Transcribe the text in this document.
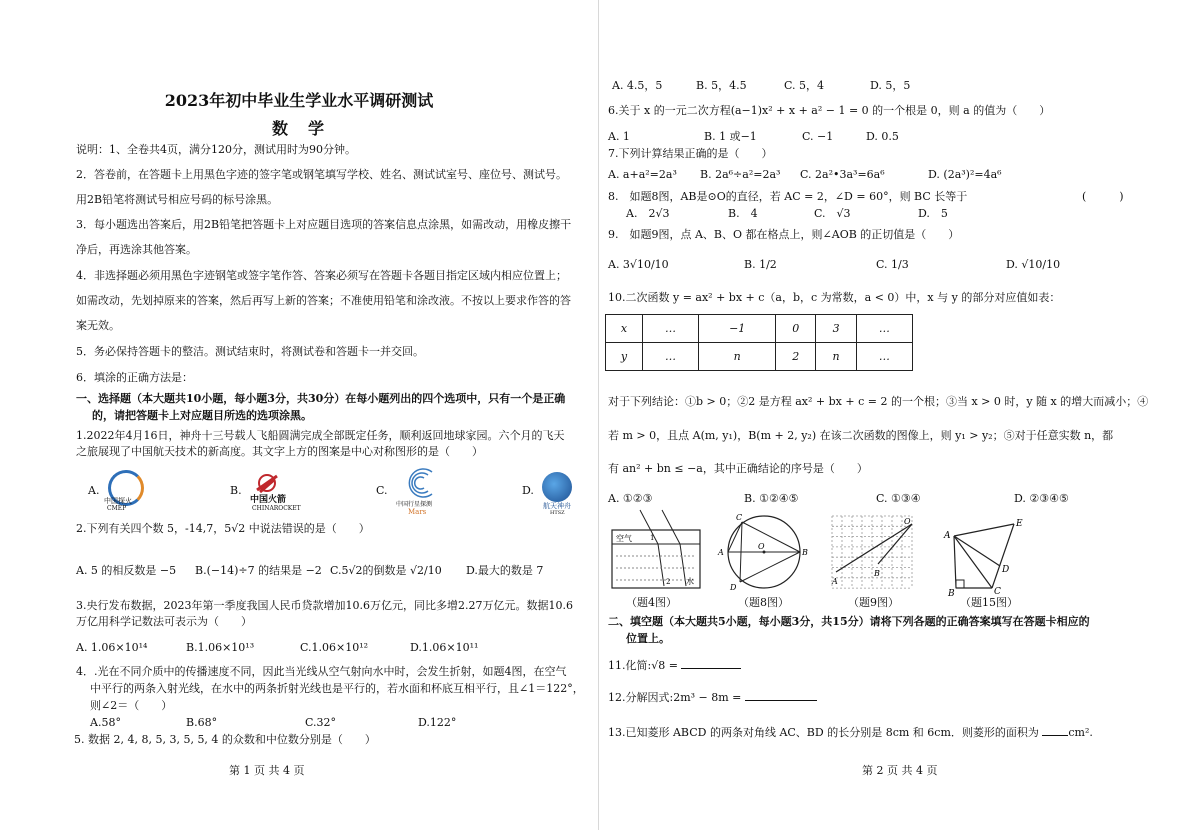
2023年初中毕业生学业水平调研测试
数　学
说明：1、全卷共4页，满分120分，测试用时为90分钟。
2．答卷前，在答题卡上用黑色字迹的签字笔或钢笔填写学校、姓名、测试试室号、座位号、测试号。
用2B铅笔将测试号相应号码的标号涂黑。
3．每小题选出答案后，用2B铅笔把答题卡上对应题目选项的答案信息点涂黑，如需改动，用橡皮擦干
净后，再选涂其他答案。
4．非选择题必须用黑色字迹钢笔或签字笔作答、答案必须写在答题卡各题目指定区域内相应位置上；
如需改动，先划掉原来的答案，然后再写上新的答案；不准使用铅笔和涂改液。不按以上要求作答的答
案无效。
5．务必保持答题卡的整洁。测试结束时，将测试卷和答题卡一并交回。
6．填涂的正确方法是：
一、选择题（本大题共10小题，每小题3分，共30分）在每小题列出的四个选项中，只有一个是正确
的，请把答题卡上对应题目所选的选项涂黑。
1.2022年4月16日，神舟十三号载人飞船圆满完成全部既定任务，顺利返回地球家园。六个月的飞天
之旅展现了中国航天技术的新高度。其文字上方的图案是中心对称图形的是（　　）
A.
中国探火
CMEP
B.
中国火箭
CHINAROCKET
C.
中国行星探测
Mars
D.
航天神舟
HTSZ
2.下列有关四个数 5，-14,7，5√2 中说法错误的是（　　）
A. 5 的相反数是 −5 B.(−14)÷7 的结果是 −2 C.5√2的倒数是 √2/10 D.最大的数是 7
3.央行发布数据，2023年第一季度我国人民币贷款增加10.6万亿元，同比多增2.27万亿元。数据10.6
万亿用科学记数法可表示为（　　）
A. 1.06×10¹⁴	B.1.06×10¹³	C.1.06×10¹²	D.1.06×10¹¹
4．.光在不同介质中的传播速度不同，因此当光线从空气射向水中时，会发生折射，如题4图，在空气
中平行的两条入射光线，在水中的两条折射光线也是平行的，若水面和杯底互相平行，且∠1＝122°，
则∠2＝（　　）
A.58°	B.68°	C.32°	D.122°
5. 数据 2, 4, 8, 5, 3, 5, 5, 4 的众数和中位数分别是（　　）
第 1 页 共 4 页
A. 4.5，5	B. 5，4.5	C. 5，4	D. 5，5
6.关于 x 的一元二次方程(a−1)x² + x + a² − 1 = 0 的一个根是 0，则 a 的值为（　　）
A. 1	B. 1 或−1	C. −1	D. 0.5
7.下列计算结果正确的是（　　）
A. a+a²=2a³ B. 2a⁶÷a²=2a³ C. 2a²•3a³=6a⁶	D. (2a³)²=4a⁶
8.　如题8图，AB是⊙O的直径，若 AC = 2，∠D = 60°，则 BC 长等于	(　　　)
A.　2√3	B.　4	C.　√3	D.　5
9.　如题9图，点 A、B、O 都在格点上，则∠AOB 的正切值是（　　）
A. 3√10/10	B. 1/2	C. 1/3	D. √10/10
10.二次函数 y = ax² + bx + c（a，b，c 为常数，a < 0）中，x 与 y 的部分对应值如表：
x	…	−1	0	3	…
y	…	n	2	n	…
对于下列结论：①b > 0；②2 是方程 ax² + bx + c = 2 的一个根；③当 x > 0 时，y 随 x 的增大而减小；④
若 m > 0，且点 A(m, y₁)，B(m + 2, y₂) 在该二次函数的图像上，则 y₁ > y₂；⑤对于任意实数 n，都
有 an² + bn ≤ −a，其中正确结论的序号是（　　）
A. ①②③	B. ①②④⑤	C. ①③④	D. ②③④⑤
空气
水
1
2
（题4图）
C
A	B
D
O
（题8图）
A
B
O
（题9图）
A
B	C
D
E
（题15图）
二、填空题（本大题共5小题，每小题3分，共15分）请将下列各题的正确答案填写在答题卡相应的
位置上。
11.化简:√8 =
12.分解因式:2m³ − 8m =
13.已知菱形 ABCD 的两条对角线 AC、BD 的长分别是 8cm 和 6cm．则菱形的面积为	cm².
第 2 页 共 4 页
